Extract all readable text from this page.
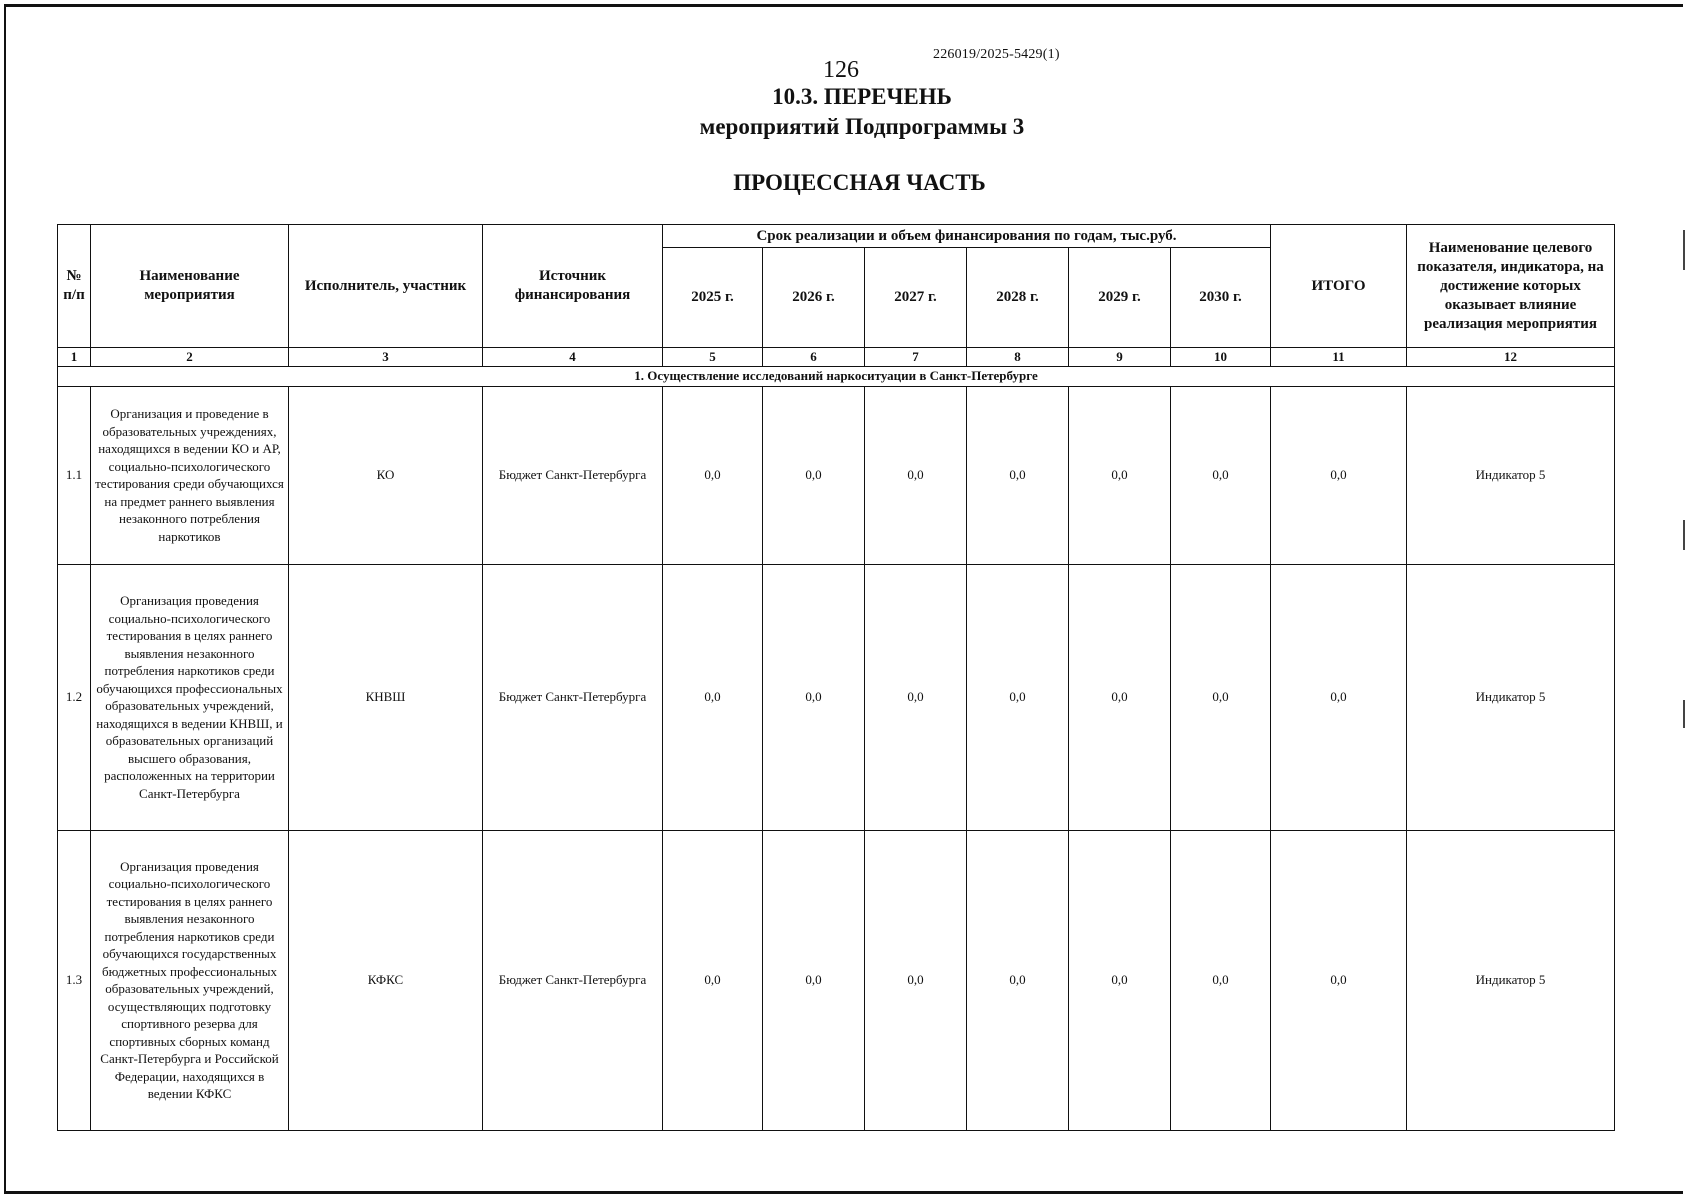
226019/2025-5429(1)
126
10.3. ПЕРЕЧЕНЬ
мероприятий Подпрограммы 3
ПРОЦЕССНАЯ ЧАСТЬ
№ п/п	Наименование мероприятия	Исполнитель, участник	Источник финансирования	Срок реализации и объем финансирования по годам, тыс.руб.						ИТОГО	Наименование целевого показателя, индикатора, на достижение которых оказывает влияние реализация мероприятия
				2025 г.	2026 г.	2027 г.	2028 г.	2029 г.	2030 г.		
1	2	3	4	5	6	7	8	9	10	11	12
1. Осуществление исследований наркоситуации в Санкт-Петербурге											
1.1	Организация и проведение в образовательных учреждениях, находящихся в ведении КО и АР, социально-психологического тестирования среди обучающихся на предмет раннего выявления незаконного потребления наркотиков	КО	Бюджет Санкт-Петербурга	0,0	0,0	0,0	0,0	0,0	0,0	0,0	Индикатор 5
1.2	Организация проведения социально-психологического тестирования в целях раннего выявления незаконного потребления наркотиков среди обучающихся профессиональных образовательных учреждений, находящихся в ведении КНВШ, и образовательных организаций высшего образования, расположенных на территории Санкт-Петербурга	КНВШ	Бюджет Санкт-Петербурга	0,0	0,0	0,0	0,0	0,0	0,0	0,0	Индикатор 5
1.3	Организация проведения социально-психологического тестирования в целях раннего выявления незаконного потребления наркотиков среди обучающихся государственных бюджетных профессиональных образовательных учреждений, осуществляющих подготовку спортивного резерва для спортивных сборных команд Санкт-Петербурга и Российской Федерации, находящихся в ведении КФКС	КФКС	Бюджет Санкт-Петербурга	0,0	0,0	0,0	0,0	0,0	0,0	0,0	Индикатор 5
